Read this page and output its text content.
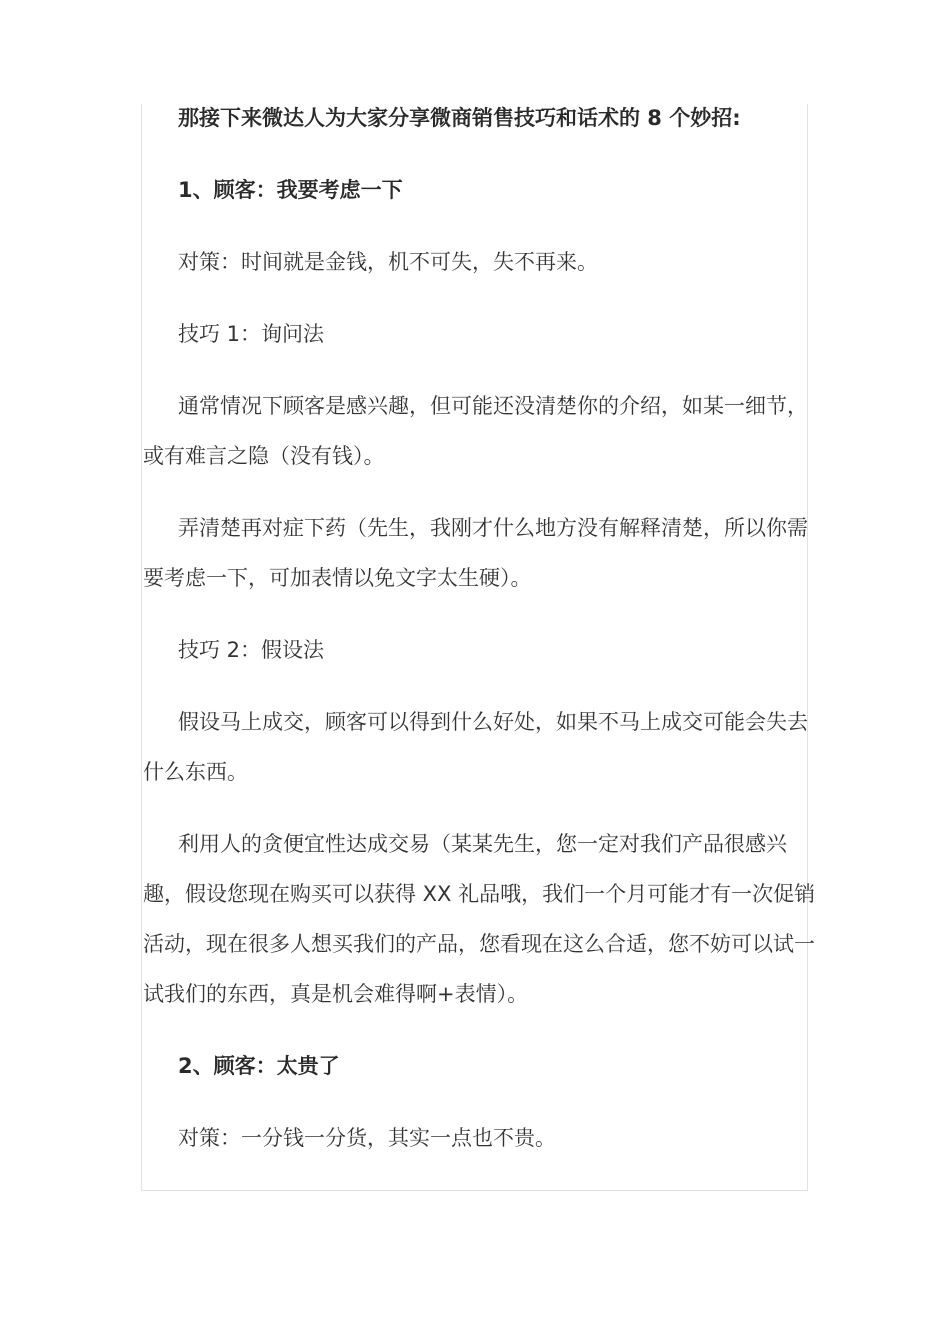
那接下来微达人为大家分享微商销售技巧和话术的 8 个妙招:

1、顾客：我要考虑一下

对策：时间就是金钱，机不可失，失不再来。

技巧 1：询问法

通常情况下顾客是感兴趣，但可能还没清楚你的介绍，如某一细节，或有难言之隐（没有钱）。

弄清楚再对症下药（先生，我刚才什么地方没有解释清楚，所以你需要考虑一下，可加表情以免文字太生硬）。

技巧 2：假设法

假设马上成交，顾客可以得到什么好处，如果不马上成交可能会失去什么东西。

利用人的贪便宜性达成交易（某某先生，您一定对我们产品很感兴趣，假设您现在购买可以获得 XX 礼品哦，我们一个月可能才有一次促销活动，现在很多人想买我们的产品，您看现在这么合适，您不妨可以试一试我们的东西，真是机会难得啊+表情）。

2、顾客：太贵了

对策：一分钱一分货，其实一点也不贵。
